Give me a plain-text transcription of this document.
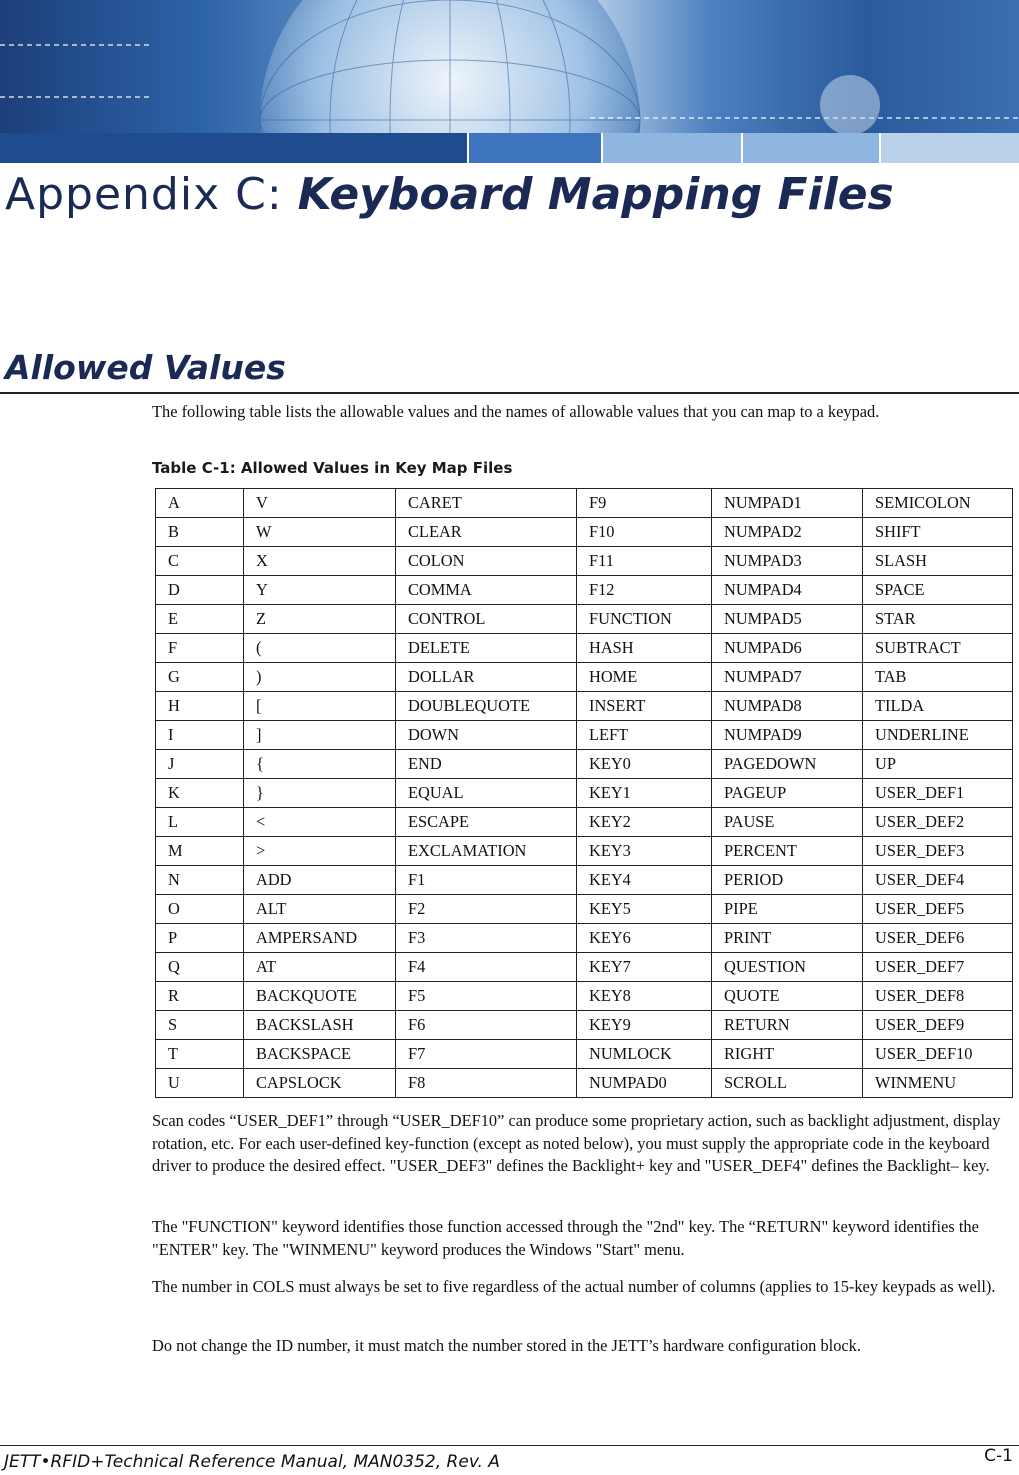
Appendix C: Keyboard Mapping Files
Allowed Values

The following table lists the allowable values and the names of allowable values that you can map to a keypad.

Table C-1: Allowed Values in Key Map Files
A	V	CARET	F9	NUMPAD1	SEMICOLON
B	W	CLEAR	F10	NUMPAD2	SHIFT
C	X	COLON	F11	NUMPAD3	SLASH
D	Y	COMMA	F12	NUMPAD4	SPACE
E	Z	CONTROL	FUNCTION	NUMPAD5	STAR
F	(	DELETE	HASH	NUMPAD6	SUBTRACT
G	)	DOLLAR	HOME	NUMPAD7	TAB
H	[	DOUBLEQUOTE	INSERT	NUMPAD8	TILDA
I	]	DOWN	LEFT	NUMPAD9	UNDERLINE
J	{	END	KEY0	PAGEDOWN	UP
K	}	EQUAL	KEY1	PAGEUP	USER_DEF1
L	<	ESCAPE	KEY2	PAUSE	USER_DEF2
M	>	EXCLAMATION	KEY3	PERCENT	USER_DEF3
N	ADD	F1	KEY4	PERIOD	USER_DEF4
O	ALT	F2	KEY5	PIPE	USER_DEF5
P	AMPERSAND	F3	KEY6	PRINT	USER_DEF6
Q	AT	F4	KEY7	QUESTION	USER_DEF7
R	BACKQUOTE	F5	KEY8	QUOTE	USER_DEF8
S	BACKSLASH	F6	KEY9	RETURN	USER_DEF9
T	BACKSPACE	F7	NUMLOCK	RIGHT	USER_DEF10
U	CAPSLOCK	F8	NUMPAD0	SCROLL	WINMENU

Scan codes “USER_DEF1” through “USER_DEF10” can produce some proprietary action, such as backlight adjustment, display rotation, etc. For each user-defined key-function (except as noted below), you must supply the appropriate code in the keyboard driver to produce the desired effect. "USER_DEF3" defines the Backlight+ key and "USER_DEF4" defines the Backlight– key.

The "FUNCTION" keyword identifies those function accessed through the "2nd" key. The “RETURN" keyword identifies the "ENTER" key. The "WINMENU" keyword produces the Windows "Start" menu.

The number in COLS must always be set to five regardless of the actual number of columns (applies to 15-key keypads as well).

Do not change the ID number, it must match the number stored in the JETT’s hardware configuration block.

JETT•RFID+Technical Reference Manual, MAN0352, Rev. A	C-1
